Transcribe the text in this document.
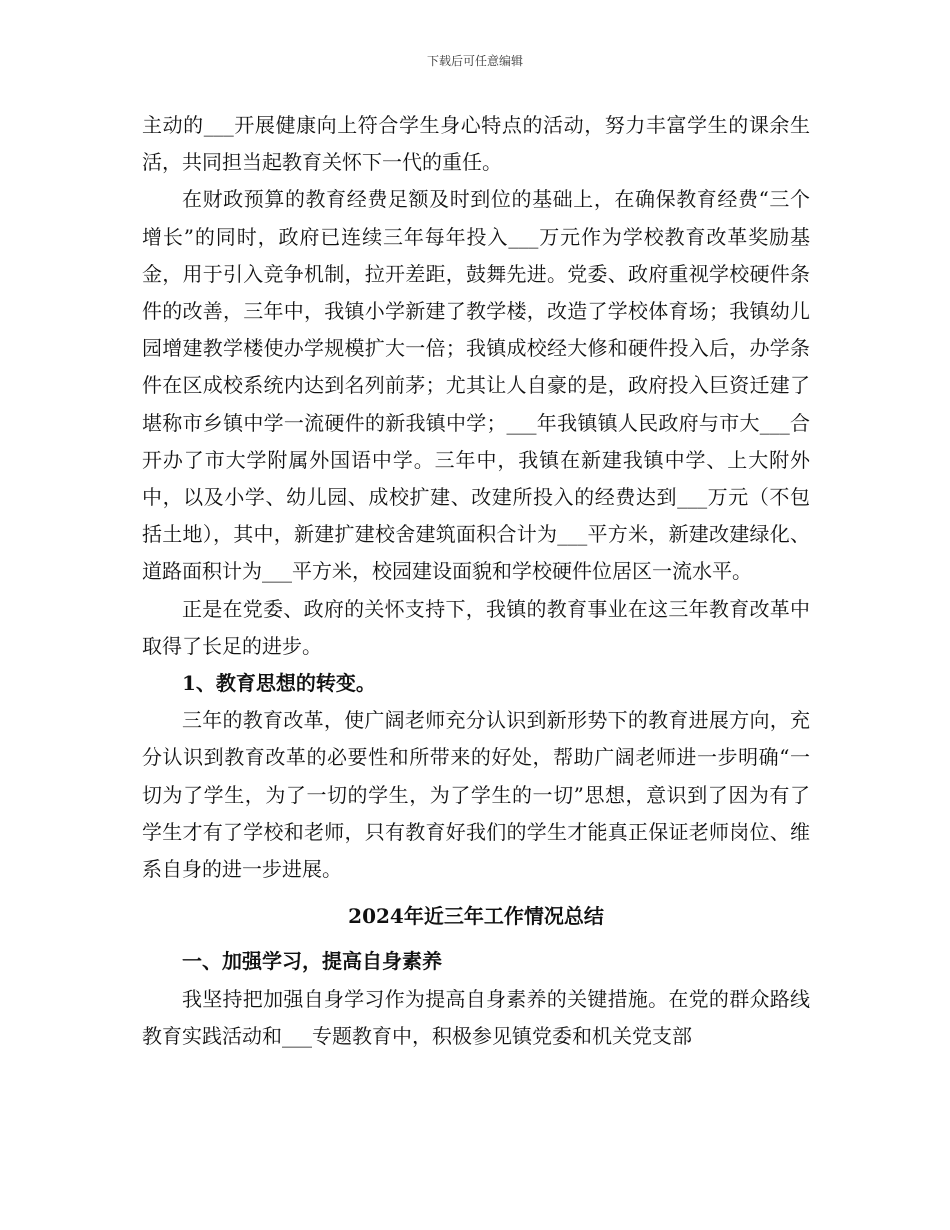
下载后可任意编辑

主动的___开展健康向上符合学生身心特点的活动，努力丰富学生的课余生活，共同担当起教育关怀下一代的重任。

在财政预算的教育经费足额及时到位的基础上，在确保教育经费“三个增长”的同时，政府已连续三年每年投入___万元作为学校教育改革奖励基金，用于引入竞争机制，拉开差距，鼓舞先进。党委、政府重视学校硬件条件的改善，三年中，我镇小学新建了教学楼，改造了学校体育场；我镇幼儿园增建教学楼使办学规模扩大一倍；我镇成校经大修和硬件投入后，办学条件在区成校系统内达到名列前茅；尤其让人自豪的是，政府投入巨资迁建了堪称市乡镇中学一流硬件的新我镇中学；___年我镇镇人民政府与市大___合开办了市大学附属外国语中学。三年中，我镇在新建我镇中学、上大附外中，以及小学、幼儿园、成校扩建、改建所投入的经费达到___万元（不包括土地），其中，新建扩建校舍建筑面积合计为___平方米，新建改建绿化、道路面积计为___平方米，校园建设面貌和学校硬件位居区一流水平。

正是在党委、政府的关怀支持下，我镇的教育事业在这三年教育改革中取得了长足的进步。

1、教育思想的转变。

三年的教育改革，使广阔老师充分认识到新形势下的教育进展方向，充分认识到教育改革的必要性和所带来的好处，帮助广阔老师进一步明确“一切为了学生，为了一切的学生，为了学生的一切”思想，意识到了因为有了学生才有了学校和老师，只有教育好我们的学生才能真正保证老师岗位、维系自身的进一步进展。

2024年近三年工作情况总结

一、加强学习，提高自身素养

我坚持把加强自身学习作为提高自身素养的关键措施。在党的群众路线教育实践活动和___专题教育中，积极参见镇党委和机关党支部
